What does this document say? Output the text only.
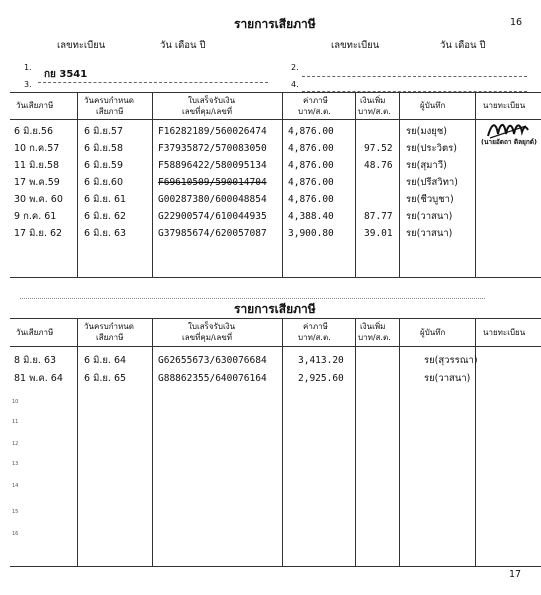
16
รายการเสียภาษี
เลขทะเบียน	วัน เดือน ปี	เลขทะเบียน	วัน เดือน ปี
1.
กย 3541
2.
3.	4.
วันเสียภาษี
วันครบกำหนด
เสียภาษี
ใบเสร็จรับเงิน
เลขที่คุม/เลขที่
ค่าภาษี
บาท/ส.ต.
เงินเพิ่ม
บาท/ส.ต.
ผู้บันทึก	นายทะเบียน
6 มิ.ย.56	6 มิ.ย.57	F16282189/560026474 4,876.00	รย(มงยุช)
10 ก.ค.57	6 มิ.ย.58	F37935872/570083050 4,876.00	97.52 รย(ประวิตร)
11 มิ.ย.58	6 มิ.ย.59	F58896422/580095134 4,876.00	48.76 รย(สุมาวี)
17 พ.ค.59	6 มิ.ย.60	F69610509/590014704 4,876.00	รย(ปรีสวิทา)
30 พ.ค. 60 6 มิ.ย. 61	G00287380/600048854 4,876.00	รย(ชีวบูชา)
9 ก.ค. 61	6 มิ.ย. 62	G22900574/610044935 4,388.40	87.77 รย(วาสนา)
17 มิ.ย. 62 6 มิ.ย. 63	G37985674/620057087 3,900.80	39.01 รย(วาสนา)
(นายอัตถา ติลยุกต์)
รายการเสียภาษี
วันเสียภาษี
วันครบกำหนด
เสียภาษี
ใบเสร็จรับเงิน
เลขที่คุม/เลขที่
ค่าภาษี
บาท/ส.ต.
เงินเพิ่ม
บาท/ส.ต.
ผู้บันทึก	นายทะเบียน
8 มิ.ย. 63	6 มิ.ย. 64	G62655673/630076684	3,413.20	รย(สุวรรณา)
81 พ.ค. 64 6 มิ.ย. 65	G88862355/640076164	2,925.60	รย(วาสนา)
10
11
12
13
14
15
16
17
